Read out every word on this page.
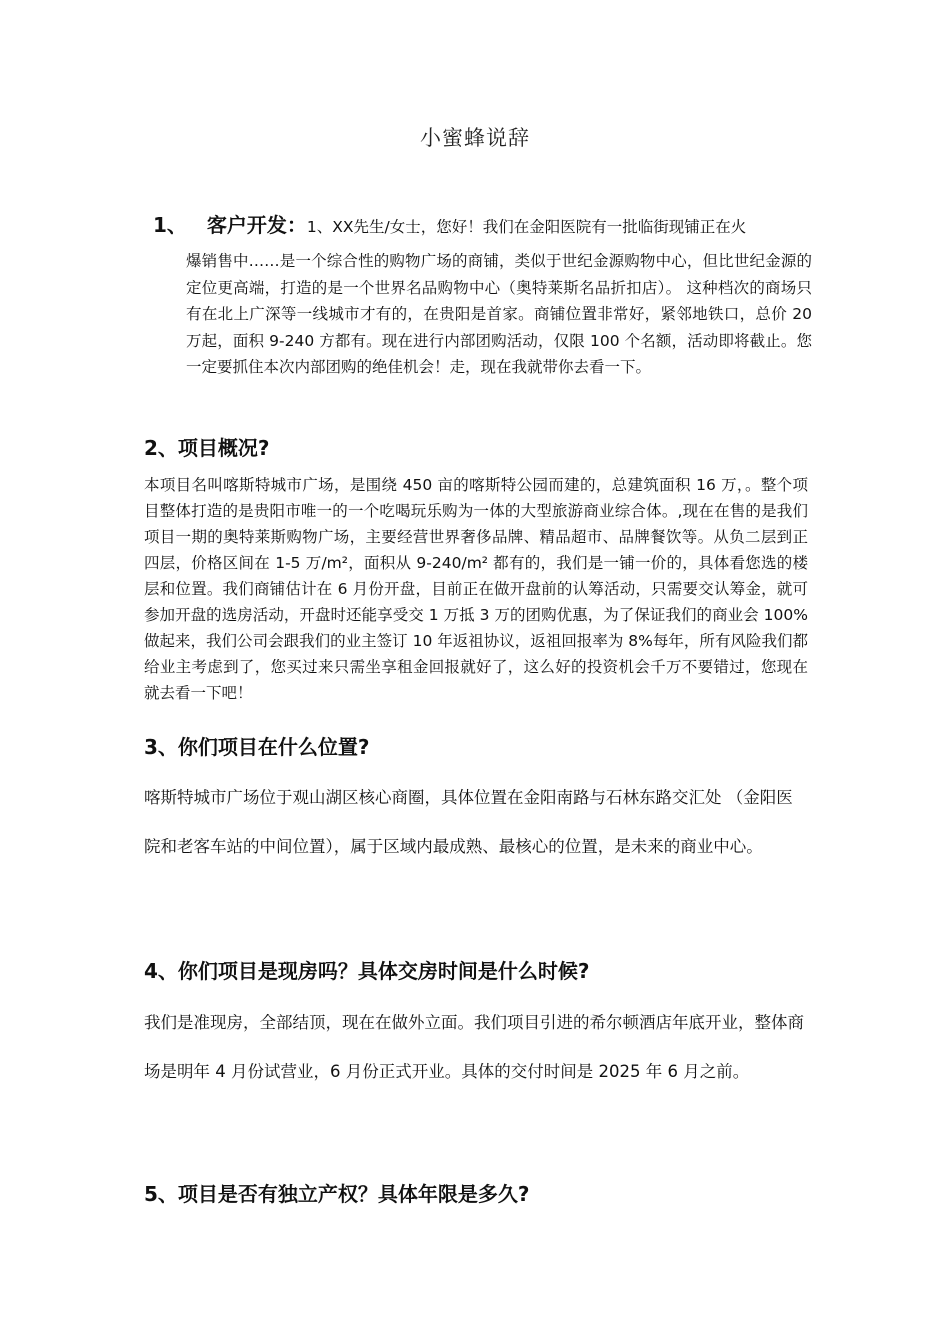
小蜜蜂说辞
1、 客户开发：1、XX先生/女士，您好！我们在金阳医院有一批临街现铺正在火
爆销售中……是一个综合性的购物广场的商铺，类似于世纪金源购物中心，但比世纪金源的定位更高端，打造的是一个世界名品购物中心（奥特莱斯名品折扣店）。 这种档次的商场只有在北上广深等一线城市才有的，在贵阳是首家。商铺位置非常好，紧邻地铁口，总价 20 万起，面积 9-240 方都有。现在进行内部团购活动，仅限 100 个名额，活动即将截止。您一定要抓住本次内部团购的绝佳机会！走，现在我就带你去看一下。
2、项目概况?
本项目名叫喀斯特城市广场，是围绕 450 亩的喀斯特公园而建的，总建筑面积 16 万，。整个项目整体打造的是贵阳市唯一的一个吃喝玩乐购为一体的大型旅游商业综合体。,现在在售的是我们项目一期的奥特莱斯购物广场，主要经营世界奢侈品牌、精品超市、品牌餐饮等。从负二层到正四层，价格区间在 1-5 万/m²，面积从 9-240/m² 都有的，我们是一铺一价的，具体看您选的楼层和位置。我们商铺估计在 6 月份开盘，目前正在做开盘前的认筹活动，只需要交认筹金，就可参加开盘的选房活动，开盘时还能享受交 1 万抵 3 万的团购优惠，为了保证我们的商业会 100%做起来，我们公司会跟我们的业主签订 10 年返祖协议，返祖回报率为 8%每年，所有风险我们都给业主考虑到了，您买过来只需坐享租金回报就好了，这么好的投资机会千万不要错过，您现在就去看一下吧！
3、你们项目在什么位置?
喀斯特城市广场位于观山湖区核心商圈，具体位置在金阳南路与石林东路交汇处 （金阳医院和老客车站的中间位置），属于区域内最成熟、最核心的位置，是未来的商业中心。
4、你们项目是现房吗？具体交房时间是什么时候?
我们是准现房，全部结顶，现在在做外立面。我们项目引进的希尔顿酒店年底开业，整体商场是明年 4 月份试营业，6 月份正式开业。具体的交付时间是 2025 年 6 月之前。
5、项目是否有独立产权？具体年限是多久?
